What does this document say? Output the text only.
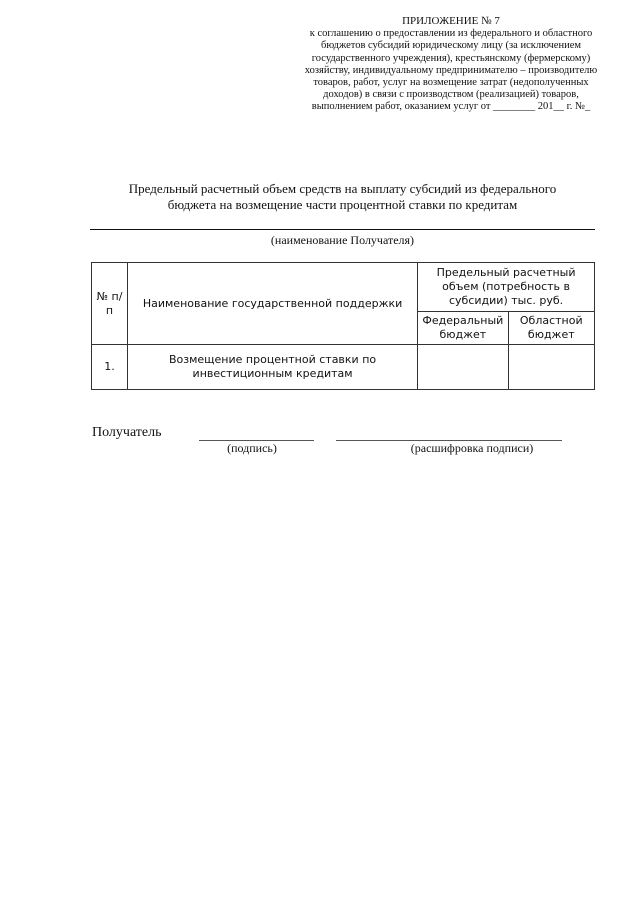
ПРИЛОЖЕНИЕ № 7
к соглашению о предоставлении из федерального и областного
бюджетов субсидий юридическому лицу (за исключением
государственного учреждения), крестьянскому (фермерскому)
хозяйству, индивидуальному предпринимателю – производителю
товаров, работ, услуг на возмещение затрат (недополученных
доходов) в связи с производством (реализацией) товаров,
выполнением работ, оказанием услуг от ________ 201__ г. №_
Предельный расчетный объем средств на выплату субсидий из федерального
бюджета на возмещение части процентной ставки по кредитам
(наименование Получателя)
№ п/п	Наименование государственной поддержки	Предельный расчетный объем (потребность в субсидии) тыс. руб.	
		Федеральный бюджет	Областной бюджет
1.	Возмещение процентной ставки по инвестиционным кредитам		
Получатель
(подпись)	(расшифровка подписи)
